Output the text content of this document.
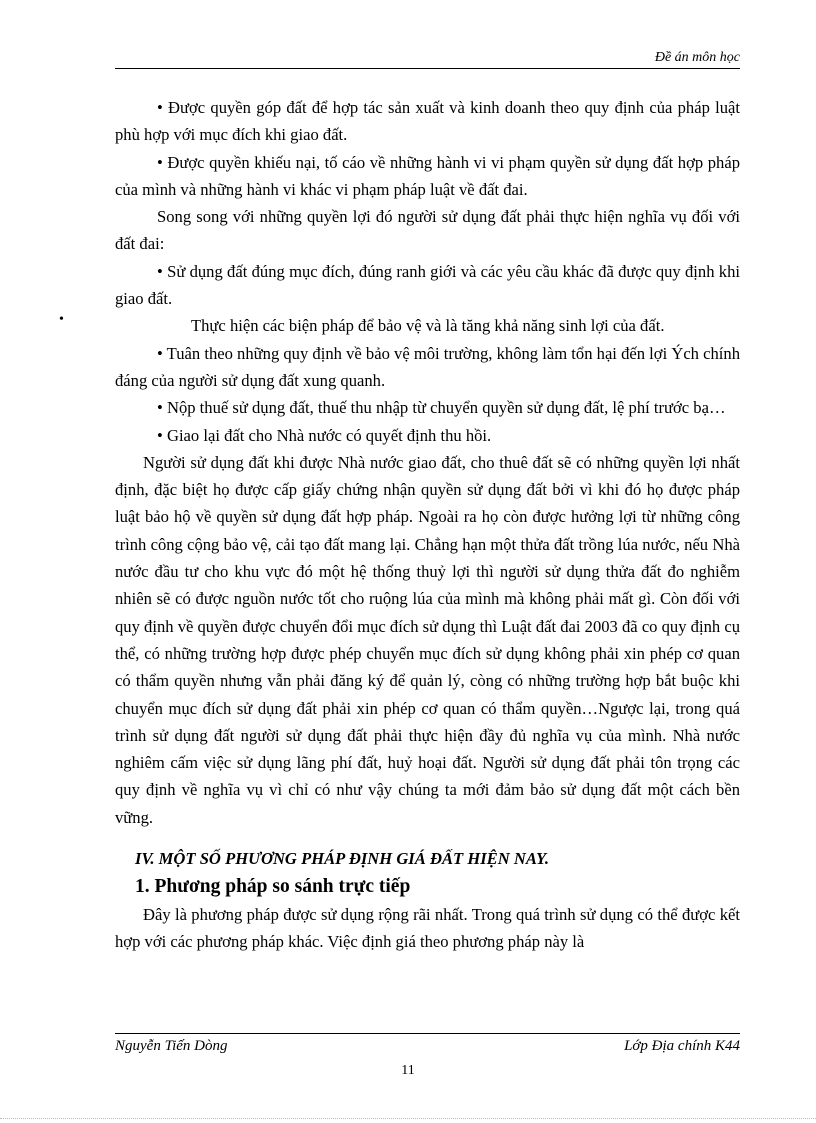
Đề án môn học

• Được quyền góp đất để hợp tác sản xuất và kinh doanh theo quy định của pháp luật phù hợp với mục đích khi giao đất.

• Được quyền khiếu nại, tố cáo về những hành vi vi phạm quyền sử dụng đất hợp pháp của mình và những hành vi khác vi phạm pháp luật về đất đai.

Song song với những quyền lợi đó người sử dụng đất phải thực hiện nghĩa vụ đối với đất đai:

• Sử dụng đất đúng mục đích, đúng ranh giới và các yêu cầu khác đã được quy định khi giao đất.

•	Thực hiện các biện pháp để bảo vệ và là tăng khả năng sinh lợi của đất.

• Tuân theo những quy định về bảo vệ môi trường, không làm tổn hại đến lợi Ých chính đáng của người sử dụng đất xung quanh.

• Nộp thuế sử dụng đất, thuế thu nhập từ chuyển quyền sử dụng đất, lệ phí trước bạ…

• Giao lại đất cho Nhà nước có quyết định thu hồi.

Người sử dụng đất khi được Nhà nước giao đất, cho thuê đất sẽ có những quyền lợi nhất định, đặc biệt họ được cấp giấy chứng nhận quyền sử dụng đất bởi vì khi đó họ được pháp luật bảo hộ về quyền sử dụng đất hợp pháp. Ngoài ra họ còn được hưởng lợi từ những công trình công cộng bảo vệ, cải tạo đất mang lại. Chẳng hạn một thửa đất trồng lúa nước, nếu Nhà nước đầu tư cho khu vực đó một hệ thống thuỷ lợi thì người sử dụng thửa đất đo nghiễm nhiên sẽ có được nguồn nước tốt cho ruộng lúa của mình mà không phải mất gì. Còn đối với quy định về quyền được chuyển đổi mục đích sử dụng thì Luật đất đai 2003 đã co quy định cụ thể, có những trường hợp được phép chuyển mục đích sử dụng không phải xin phép cơ quan có thẩm quyền nhưng vẫn phải đăng ký để quản lý, còng có những trường hợp bắt buộc khi chuyển mục đích sử dụng đất phải xin phép cơ quan có thẩm quyền…Ngược lại, trong quá trình sử dụng đất người sử dụng đất phải thực hiện đầy đủ nghĩa vụ của mình. Nhà nước nghiêm cấm việc sử dụng lãng phí đất, huỷ hoại đất. Người sử dụng đất phải tôn trọng các quy định về nghĩa vụ vì chỉ có như vậy chúng ta mới đảm bảo sử dụng đất một cách bền vững.

IV. MỘT SỐ PHƯƠNG PHÁP ĐỊNH GIÁ ĐẤT HIỆN NAY.

1. Phương pháp so sánh trực tiếp

Đây là phương pháp được sử dụng rộng rãi nhất. Trong quá trình sử dụng có thể được kết hợp với các phương pháp khác. Việc định giá theo phương pháp này là

Nguyễn Tiến Dòng	Lớp Địa chính K44
11
